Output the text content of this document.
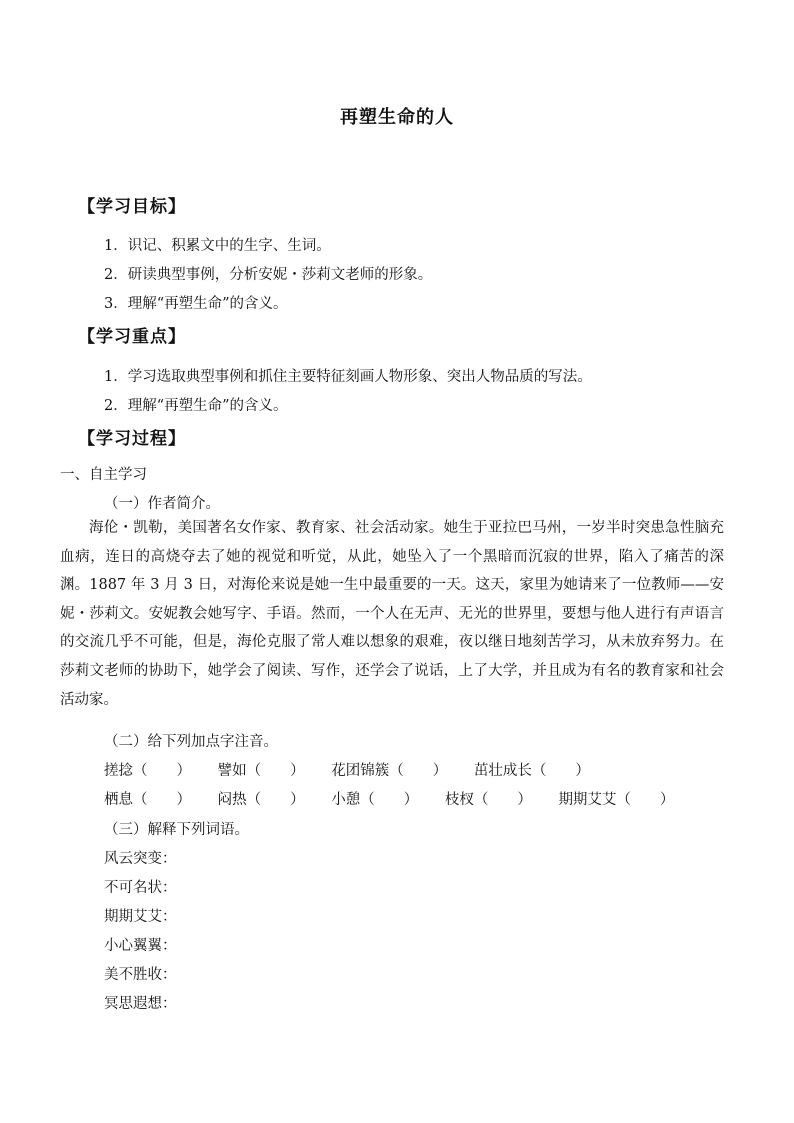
再塑生命的人
【学习目标】
1．识记、积累文中的生字、生词。
2．研读典型事例，分析安妮・莎莉文老师的形象。
3．理解“再塑生命”的含义。
【学习重点】
1．学习选取典型事例和抓住主要特征刻画人物形象、突出人物品质的写法。
2．理解“再塑生命”的含义。
【学习过程】
一、自主学习
（一）作者简介。
海伦・凯勒，美国著名女作家、教育家、社会活动家。她生于亚拉巴马州，一岁半时突患急性脑充血病，连日的高烧夺去了她的视觉和听觉，从此，她坠入了一个黑暗而沉寂的世界，陷入了痛苦的深渊。1887 年 3 月 3 日，对海伦来说是她一生中最重要的一天。这天，家里为她请来了一位教师——安妮・莎莉文。安妮教会她写字、手语。然而，一个人在无声、无光的世界里，要想与他人进行有声语言的交流几乎不可能，但是，海伦克服了常人难以想象的艰难，夜以继日地刻苦学习，从未放弃努力。在莎莉文老师的协助下，她学会了阅读、写作，还学会了说话，上了大学，并且成为有名的教育家和社会活动家。
（二）给下列加点字注音。
搓捻（　　） 譬如（　　） 花团锦簇（　　） 茁壮成长（　　）
栖息（　　） 闷热（　　） 小憩（　　） 枝杈（　　） 期期艾艾（　　）
（三）解释下列词语。
风云突变：
不可名状：
期期艾艾：
小心翼翼：
美不胜收：
冥思遐想：
